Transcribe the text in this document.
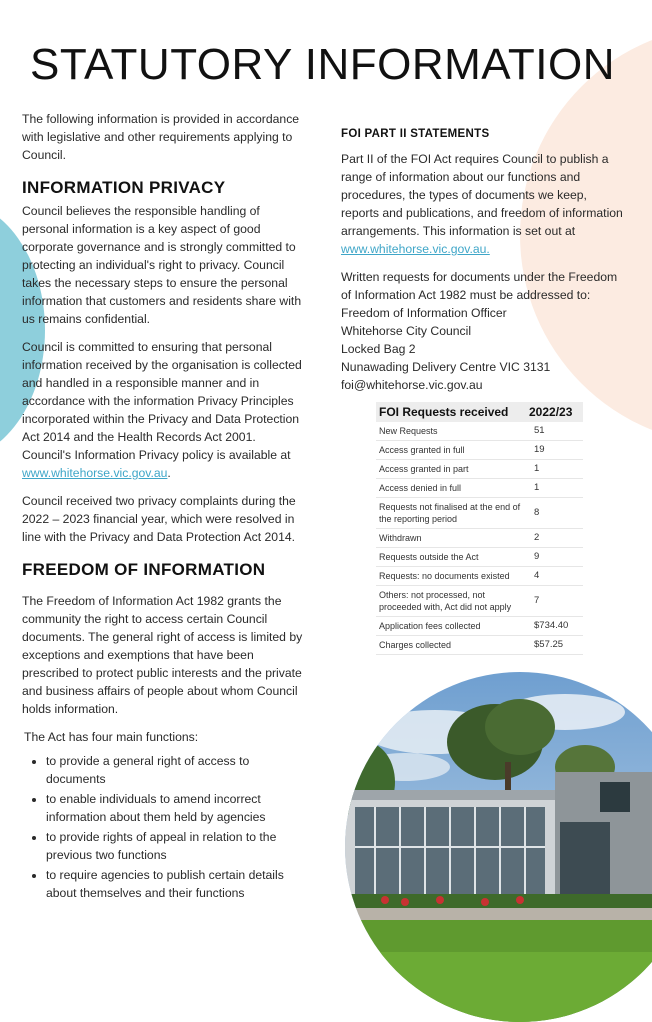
STATUTORY INFORMATION

The following information is provided in accordance with legislative and other requirements applying to Council.

INFORMATION PRIVACY

Council believes the responsible handling of personal information is a key aspect of good corporate governance and is strongly committed to protecting an individual's right to privacy. Council takes the necessary steps to ensure the personal information that customers and residents share with us remains confidential.

Council is committed to ensuring that personal information received by the organisation is collected and handled in a responsible manner and in accordance with the information Privacy Principles incorporated within the Privacy and Data Protection Act 2014 and the Health Records Act 2001. Council's Information Privacy policy is available at www.whitehorse.vic.gov.au.

Council received two privacy complaints during the 2022 – 2023 financial year, which were resolved in line with the Privacy and Data Protection Act 2014.

FREEDOM OF INFORMATION

The Freedom of Information Act 1982 grants the community the right to access certain Council documents. The general right of access is limited by exceptions and exemptions that have been prescribed to protect public interests and the private and business affairs of people about whom Council holds information.

The Act has four main functions:

• to provide a general right of access to documents
• to enable individuals to amend incorrect information about them held by agencies
• to provide rights of appeal in relation to the previous two functions
• to require agencies to publish certain details about themselves and their functions
FOI PART II STATEMENTS

Part II of the FOI Act requires Council to publish a range of information about our functions and procedures, the types of documents we keep, reports and publications, and freedom of information arrangements. This information is set out at www.whitehorse.vic.gov.au.

Written requests for documents under the Freedom of Information Act 1982 must be addressed to:

Freedom of Information Officer
Whitehorse City Council
Locked Bag 2
Nunawading Delivery Centre VIC 3131
foi@whitehorse.vic.gov.au
FOI Requests received	2022/23
New Requests	51
Access granted in full	19
Access granted in part	1
Access denied in full	1
Requests not finalised at the end of the reporting period	8
Withdrawn	2
Requests outside the Act	9
Requests: no documents existed	4
Others: not processed, not proceeded with, Act did not apply	7
Application fees collected	$734.40
Charges collected	$57.25
